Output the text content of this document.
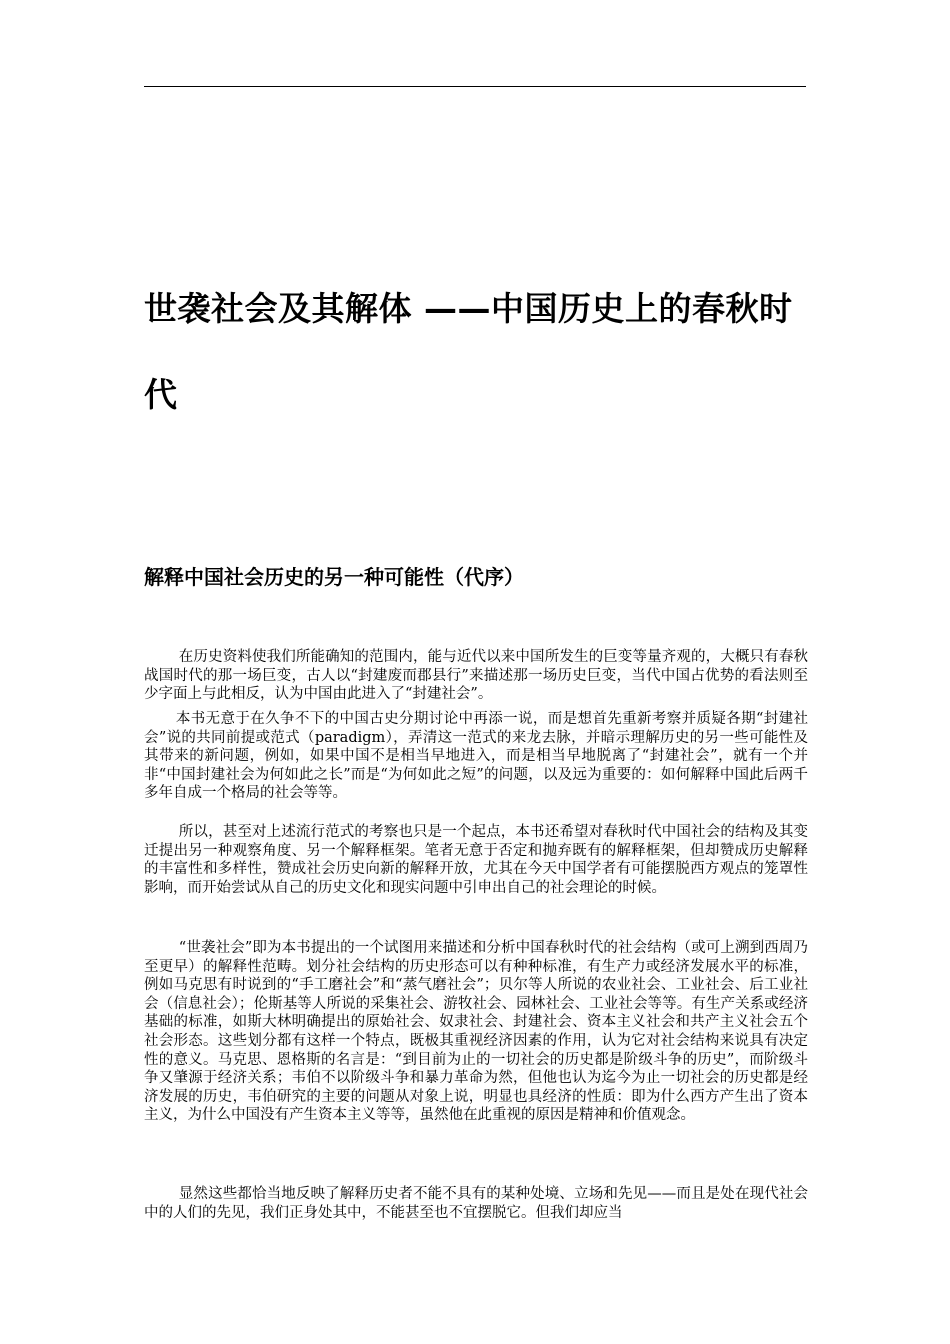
世袭社会及其解体 ——中国历史上的春秋时代
解释中国社会历史的另一种可能性（代序）

在历史资料使我们所能确知的范围内，能与近代以来中国所发生的巨变等量齐观的，大概只有春秋战国时代的那一场巨变，古人以“封建废而郡县行”来描述那一场历史巨变，当代中国占优势的看法则至少字面上与此相反，认为中国由此进入了“封建社会”。

本书无意于在久争不下的中国古史分期讨论中再添一说，而是想首先重新考察并质疑各期“封建社会”说的共同前提或范式（paradigm），弄清这一范式的来龙去脉，并暗示理解历史的另一些可能性及其带来的新问题，例如，如果中国不是相当早地进入，而是相当早地脱离了“封建社会”，就有一个并非“中国封建社会为何如此之长”而是“为何如此之短”的问题，以及远为重要的：如何解释中国此后两千多年自成一个格局的社会等等。

所以，甚至对上述流行范式的考察也只是一个起点，本书还希望对春秋时代中国社会的结构及其变迁提出另一种观察角度、另一个解释框架。笔者无意于否定和抛弃既有的解释框架，但却赞成历史解释的丰富性和多样性，赞成社会历史向新的解释开放，尤其在今天中国学者有可能摆脱西方观点的笼罩性影响，而开始尝试从自己的历史文化和现实问题中引申出自己的社会理论的时候。

“世袭社会”即为本书提出的一个试图用来描述和分析中国春秋时代的社会结构（或可上溯到西周乃至更早）的解释性范畴。划分社会结构的历史形态可以有种种标准，有生产力或经济发展水平的标准，例如马克思有时说到的“手工磨社会”和“蒸气磨社会”；贝尔等人所说的农业社会、工业社会、后工业社会（信息社会）；伦斯基等人所说的采集社会、游牧社会、园林社会、工业社会等等。有生产关系或经济基础的标准，如斯大林明确提出的原始社会、奴隶社会、封建社会、资本主义社会和共产主义社会五个社会形态。这些划分都有这样一个特点，既极其重视经济因素的作用，认为它对社会结构来说具有决定性的意义。马克思、恩格斯的名言是：“到目前为止的一切社会的历史都是阶级斗争的历史”，而阶级斗争又肇源于经济关系；韦伯不以阶级斗争和暴力革命为然，但他也认为迄今为止一切社会的历史都是经济发展的历史，韦伯研究的主要的问题从对象上说，明显也具经济的性质：即为什么西方产生出了资本主义，为什么中国没有产生资本主义等等，虽然他在此重视的原因是精神和价值观念。

显然这些都恰当地反映了解释历史者不能不具有的某种处境、立场和先见——而且是处在现代社会中的人们的先见，我们正身处其中，不能甚至也不宜摆脱它。但我们却应当
